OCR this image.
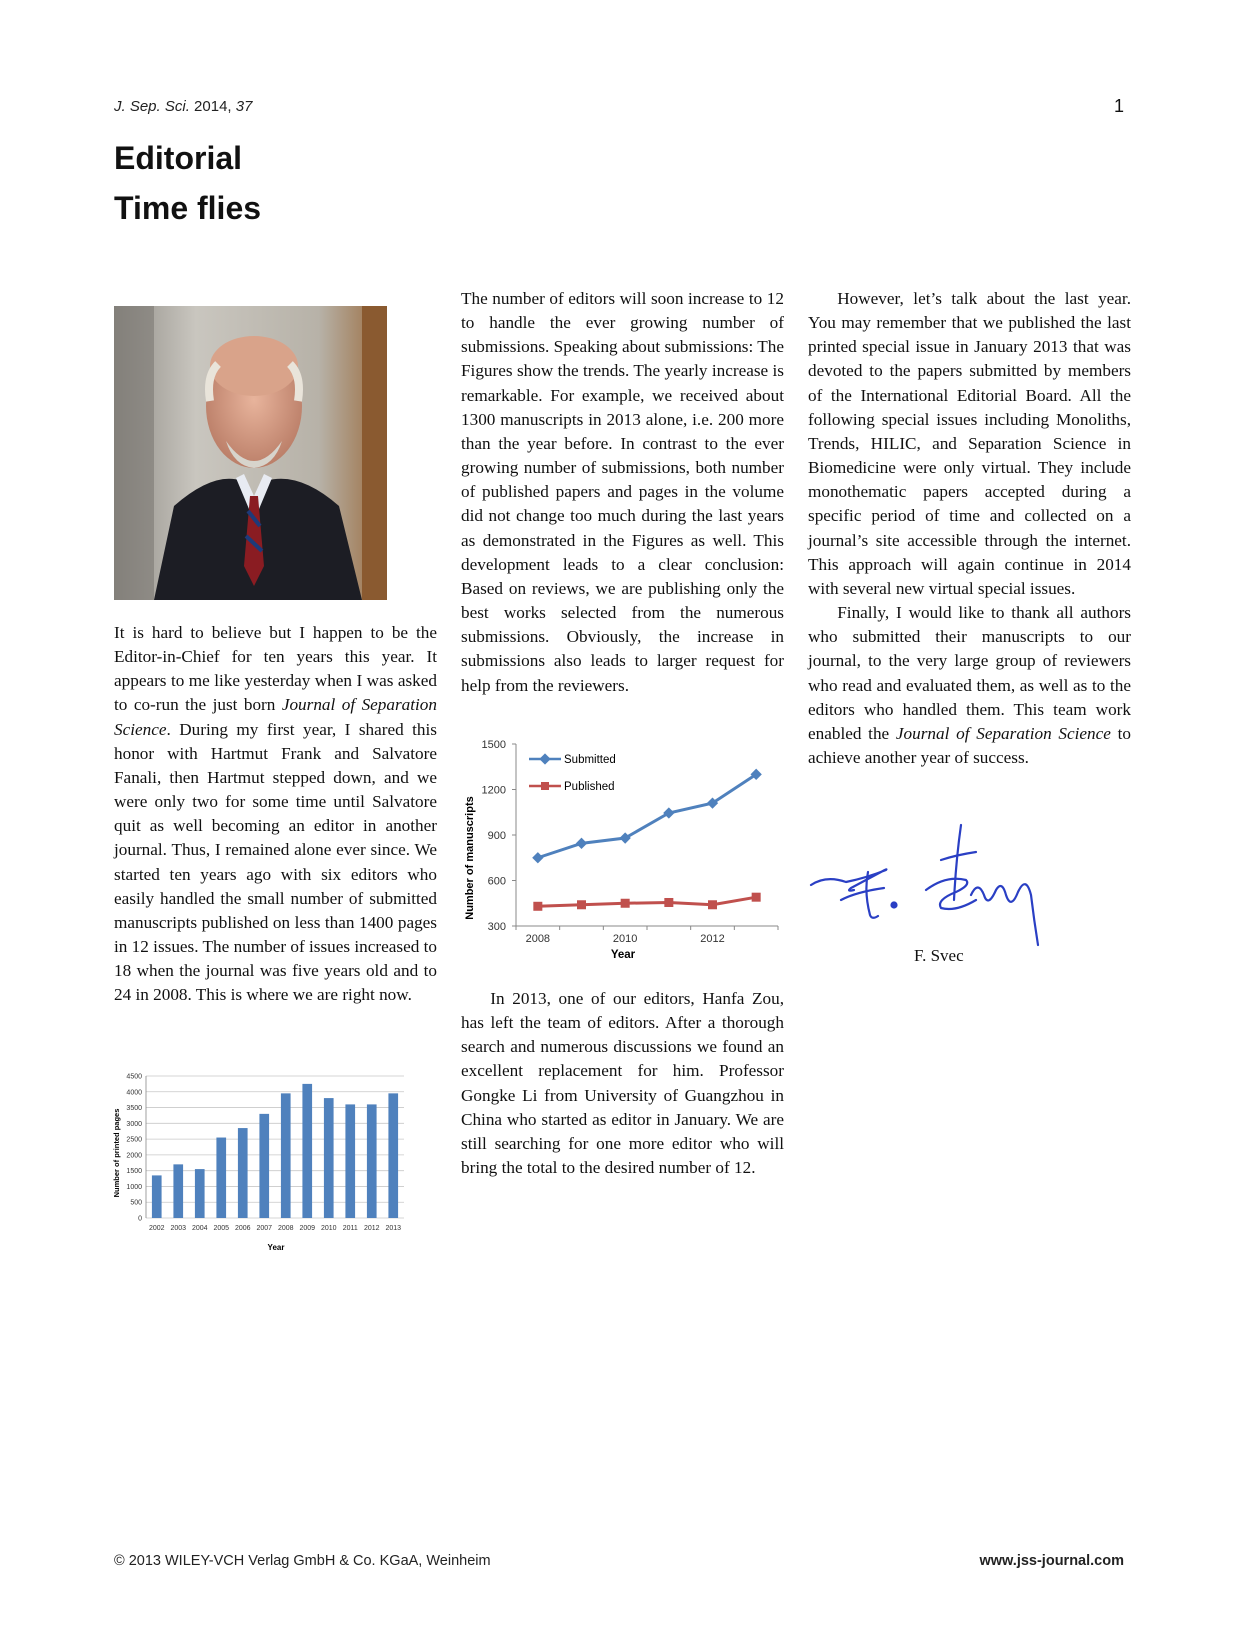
J. Sep. Sci. 2014, 37	1
Editorial
Time flies

It is hard to believe but I happen to be the Editor-in-Chief for ten years this year. It appears to me like yesterday when I was asked to co-run the just born Journal of Separation Science. During my first year, I shared this honor with Hartmut Frank and Salvatore Fanali, then Hartmut stepped down, and we were only two for some time until Salvatore quit as well becoming an editor in another journal. Thus, I remained alone ever since. We started ten years ago with six editors who easily handled the small number of submitted manuscripts published on less than 1400 pages in 12 issues. The number of issues increased to 18 when the journal was five years old and to 24 in 2008. This is where we are right now.

0
500
1000
1500
2000
2500
3000
3500
4000
4500
2002 2003 2004 2005 2006 2007 2008 2009 2010 2011 2012 2013
Year
Number of printed pages

The number of editors will soon increase to 12 to handle the ever growing number of submissions. Speaking about submissions: The Figures show the trends. The yearly increase is remarkable. For example, we received about 1300 manuscripts in 2013 alone, i.e. 200 more than the year before. In contrast to the ever growing number of submissions, both number of published papers and pages in the volume did not change too much during the last years as demonstrated in the Figures as well. This development leads to a clear conclusion: Based on reviews, we are publishing only the best works selected from the numerous submissions. Obviously, the increase in submissions also leads to larger request for help from the reviewers.

In 2013, one of our editors, Hanfa Zou, has left the team of editors. After a thorough search and numerous discussions we found an excellent replacement for him. Professor Gongke Li from University of Guangzhou in China who started as editor in January. We are still searching for one more editor who will bring the total to the desired number of 12.

300
600
900
1200
1500
2008	2010	2012
Submitted
Published
Year
Number of manuscripts

However, let’s talk about the last year. You may remember that we published the last printed special issue in January 2013 that was devoted to the papers submitted by members of the International Editorial Board. All the following special issues including Monoliths, Trends, HILIC, and Separation Science in Biomedicine were only virtual. They include monothematic papers accepted during a specific period of time and collected on a journal’s site accessible through the internet. This approach will again continue in 2014 with several new virtual special issues.

Finally, I would like to thank all authors who submitted their manuscripts to our journal, to the very large group of reviewers who read and evaluated them, as well as to the editors who handled them. This team work enabled the Journal of Separation Science to achieve another year of success.

F. Svec
© 2013 WILEY-VCH Verlag GmbH & Co. KGaA, Weinheim	www.jss-journal.com
